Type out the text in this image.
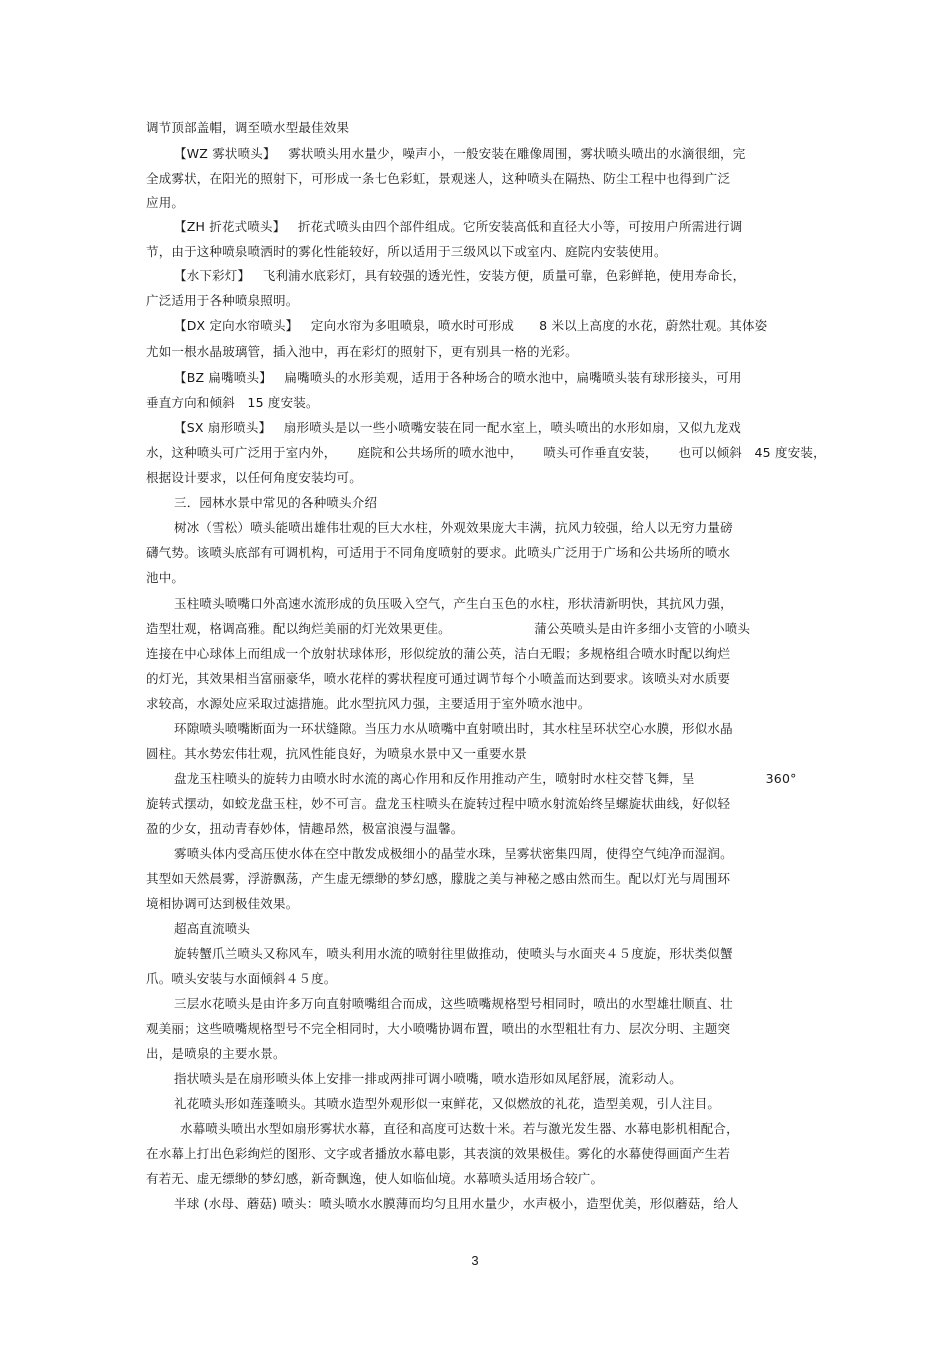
调节顶部盖帽，调至喷水型最佳效果
【WZ 雾状喷头】   雾状喷头用水量少，噪声小，一般安装在雕像周围，雾状喷头喷出的水滴很细，完
全成雾状，在阳光的照射下，可形成一条七色彩虹，景观迷人，这种喷头在隔热、防尘工程中也得到广泛
应用。
【ZH 折花式喷头】   折花式喷头由四个部件组成。它所安装高低和直径大小等，可按用户所需进行调
节，由于这种喷泉喷洒时的雾化性能较好，所以适用于三级风以下或室内、庭院内安装使用。
【水下彩灯】   飞利浦水底彩灯，具有较强的透光性，安装方便，质量可靠，色彩鲜艳，使用寿命长，
广泛适用于各种喷泉照明。
【DX 定向水帘喷头】   定向水帘为多咀喷泉，喷水时可形成      8 米以上高度的水花，蔚然壮观。其体姿
尤如一根水晶玻璃管，插入池中，再在彩灯的照射下，更有别具一格的光彩。
【BZ 扁嘴喷头】   扁嘴喷头的水形美观，适用于各种场合的喷水池中，扁嘴喷头装有球形接头，可用
垂直方向和倾斜   15 度安装。
【SX 扇形喷头】   扇形喷头是以一些小喷嘴安装在同一配水室上，喷头喷出的水形如扇，又似九龙戏
水，这种喷头可广泛用于室内外，     庭院和公共场所的喷水池中，     喷头可作垂直安装，     也可以倾斜   45 度安装，
根据设计要求，以任何角度安装均可。
三．园林水景中常见的各种喷头介绍
树冰（雪松）喷头能喷出雄伟壮观的巨大水柱，外观效果庞大丰满，抗风力较强，给人以无穷力量磅
礴气势。该喷头底部有可调机构，可适用于不同角度喷射的要求。此喷头广泛用于广场和公共场所的喷水
池中。
玉柱喷头喷嘴口外高速水流形成的负压吸入空气，产生白玉色的水柱，形状清新明快，其抗风力强，
造型壮观，格调高雅。配以绚烂美丽的灯光效果更佳。                    蒲公英喷头是由许多细小支管的小喷头
连接在中心球体上而组成一个放射状球体形，形似绽放的蒲公英，洁白无暇；多规格组合喷水时配以绚烂
的灯光，其效果相当富丽豪华，喷水花样的雾状程度可通过调节每个小喷盖而达到要求。该喷头对水质要
求较高，水源处应采取过滤措施。此水型抗风力强，主要适用于室外喷水池中。
环隙喷头喷嘴断面为一环状缝隙。当压力水从喷嘴中直射喷出时，其水柱呈环状空心水膜，形似水晶
圆柱。其水势宏伟壮观，抗风性能良好，为喷泉水景中又一重要水景
盘龙玉柱喷头的旋转力由喷水时水流的离心作用和反作用推动产生，喷射时水柱交替飞舞，呈                 360°
旋转式摆动，如蛟龙盘玉柱，妙不可言。盘龙玉柱喷头在旋转过程中喷水射流始终呈螺旋状曲线，好似轻
盈的少女，扭动青春妙体，情趣昂然，极富浪漫与温馨。
雾喷头体内受高压使水体在空中散发成极细小的晶莹水珠，呈雾状密集四周，使得空气纯净而湿润。
其型如天然晨雾，浮游飘荡，产生虚无缥缈的梦幻感，朦胧之美与神秘之感由然而生。配以灯光与周围环
境相协调可达到极佳效果。
超高直流喷头
旋转蟹爪兰喷头又称风车，喷头利用水流的喷射往里做推动，使喷头与水面夹４５度旋，形状类似蟹
爪。喷头安装与水面倾斜４５度。
三层水花喷头是由许多万向直射喷嘴组合而成，这些喷嘴规格型号相同时，喷出的水型雄壮顺直、壮
观美丽；这些喷嘴规格型号不完全相同时，大小喷嘴协调布置，喷出的水型粗壮有力、层次分明、主题突
出，是喷泉的主要水景。
指状喷头是在扇形喷头体上安排一排或两排可调小喷嘴，喷水造形如凤尾舒展，流彩动人。
礼花喷头形如莲蓬喷头。其喷水造型外观形似一束鲜花，又似燃放的礼花，造型美观，引人注目。
水幕喷头喷出水型如扇形雾状水幕，直径和高度可达数十米。若与激光发生器、水幕电影机相配合，
在水幕上打出色彩绚烂的图形、文字或者播放水幕电影，其表演的效果极佳。雾化的水幕使得画面产生若
有若无、虚无缥缈的梦幻感，新奇飘逸，使人如临仙境。水幕喷头适用场合较广。
半球 (水母、蘑菇) 喷头：喷头喷水水膜薄而均匀且用水量少，水声极小，造型优美，形似蘑菇，给人
3
